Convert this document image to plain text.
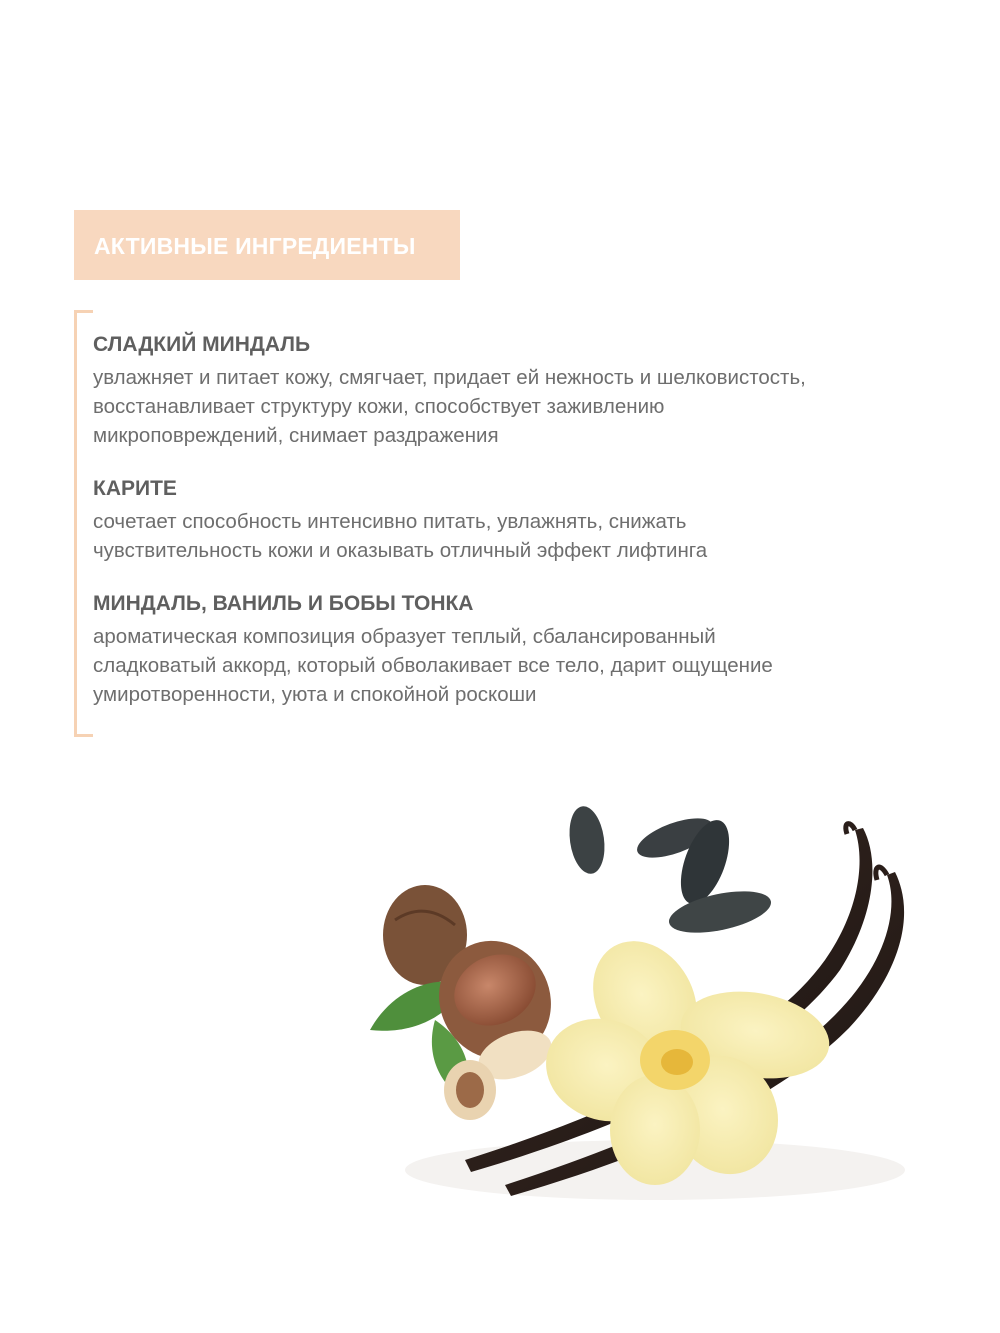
АКТИВНЫЕ ИНГРЕДИЕНТЫ

СЛАДКИЙ МИНДАЛЬ

увлажняет и питает кожу, смягчает, придает ей нежность и шелковистость, восстанавливает структуру кожи, способствует заживлению микроповреждений, снимает раздражения

КАРИТЕ

сочетает способность интенсивно питать, увлажнять, снижать чувствительность кожи и оказывать отличный эффект лифтинга

МИНДАЛЬ, ВАНИЛЬ И БОБЫ ТОНКА

ароматическая композиция образует теплый, сбалансированный сладковатый аккорд, который обволакивает все тело, дарит ощущение умиротворенности, уюта и спокойной роскоши
